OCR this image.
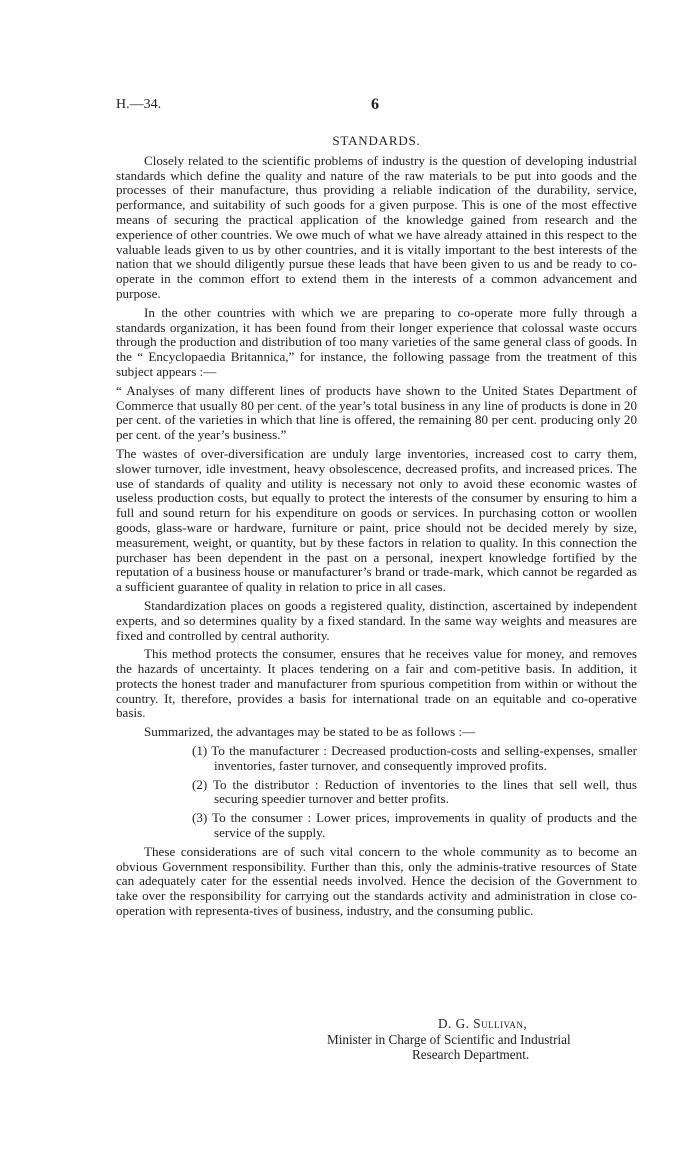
H.—34.	6
STANDARDS.

Closely related to the scientific problems of industry is the question of developing industrial standards which define the quality and nature of the raw materials to be put into goods and the processes of their manufacture, thus providing a reliable indication of the durability, service, performance, and suitability of such goods for a given purpose. This is one of the most effective means of securing the practical application of the knowledge gained from research and the experience of other countries. We owe much of what we have already attained in this respect to the valuable leads given to us by other countries, and it is vitally important to the best interests of the nation that we should diligently pursue these leads that have been given to us and be ready to co-operate in the common effort to extend them in the interests of a common advancement and purpose.

In the other countries with which we are preparing to co-operate more fully through a standards organization, it has been found from their longer experience that colossal waste occurs through the production and distribution of too many varieties of the same general class of goods. In the “ Encyclopaedia Britannica,” for instance, the following passage from the treatment of this subject appears :—

“ Analyses of many different lines of products have shown to the United States Department of Commerce that usually 80 per cent. of the year’s total business in any line of products is done in 20 per cent. of the varieties in which that line is offered, the remaining 80 per cent. producing only 20 per cent. of the year’s business.”

The wastes of over-diversification are unduly large inventories, increased cost to carry them, slower turnover, idle investment, heavy obsolescence, decreased profits, and increased prices. The use of standards of quality and utility is necessary not only to avoid these economic wastes of useless production costs, but equally to protect the interests of the consumer by ensuring to him a full and sound return for his expenditure on goods or services. In purchasing cotton or woollen goods, glass-ware or hardware, furniture or paint, price should not be decided merely by size, measurement, weight, or quantity, but by these factors in relation to quality. In this connection the purchaser has been dependent in the past on a personal, inexpert knowledge fortified by the reputation of a business house or manufacturer’s brand or trade-mark, which cannot be regarded as a sufficient guarantee of quality in relation to price in all cases.

Standardization places on goods a registered quality, distinction, ascertained by independent experts, and so determines quality by a fixed standard. In the same way weights and measures are fixed and controlled by central authority.

This method protects the consumer, ensures that he receives value for money, and removes the hazards of uncertainty. It places tendering on a fair and com-petitive basis. In addition, it protects the honest trader and manufacturer from spurious competition from within or without the country. It, therefore, provides a basis for international trade on an equitable and co-operative basis.

Summarized, the advantages may be stated to be as follows :—

(1) To the manufacturer : Decreased production-costs and selling-expenses, smaller inventories, faster turnover, and consequently improved profits.
(2) To the distributor : Reduction of inventories to the lines that sell well, thus securing speedier turnover and better profits.
(3) To the consumer : Lower prices, improvements in quality of products and the service of the supply.

These considerations are of such vital concern to the whole community as to become an obvious Government responsibility. Further than this, only the adminis-trative resources of State can adequately cater for the essential needs involved. Hence the decision of the Government to take over the responsibility for carrying out the standards activity and administration in close co-operation with representa-tives of business, industry, and the consuming public.

D. G. Sullivan,
Minister in Charge of Scientific and Industrial
Research Department.
